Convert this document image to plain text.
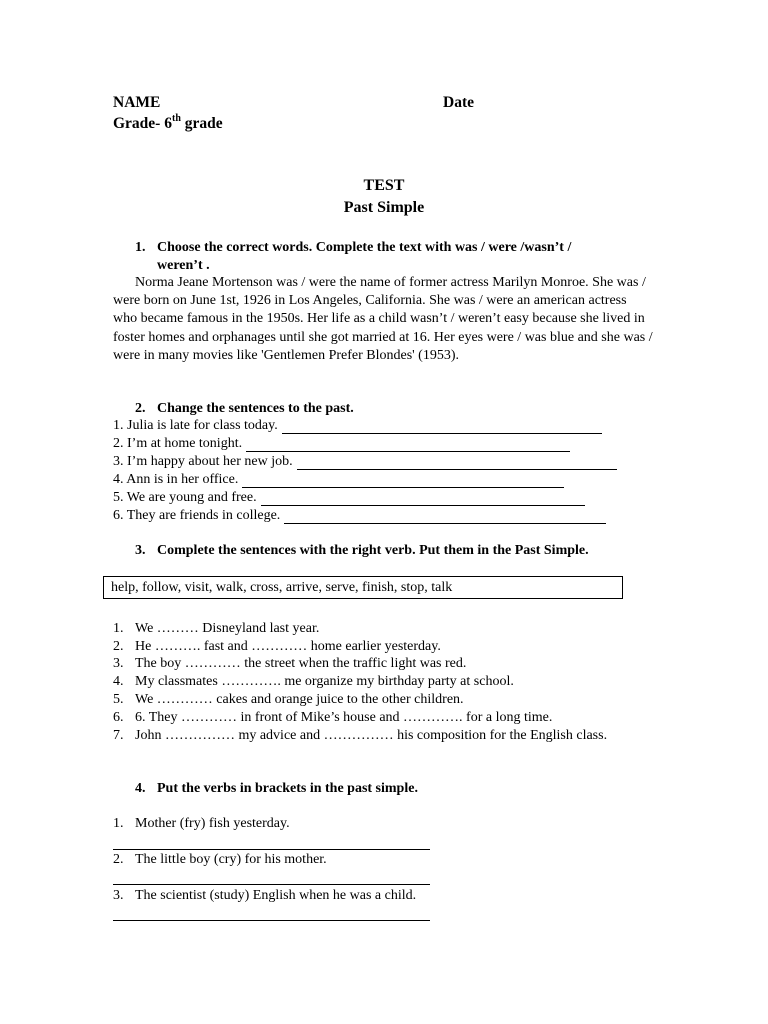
NAME	Date
Grade- 6th grade
TEST
Past Simple
1. Choose the correct words. Complete the text with was / were /wasn’t /
weren’t .
Norma Jeane Mortenson was / were the name of former actress Marilyn Monroe. She was / were born on June 1st, 1926 in Los Angeles, California. She was / were an american actress who became famous in the 1950s. Her life as a child wasn’t / weren’t easy because she lived in foster homes and orphanages until she got married at 16. Her eyes were / was blue and she was / were in many movies like 'Gentlemen Prefer Blondes' (1953).
2. Change the sentences to the past.
1. Julia is late for class today.
2. I’m at home tonight.
3. I’m happy about her new job.
4. Ann is in her office.
5. We are young and free.
6. They are friends in college.
3. Complete the sentences with the right verb. Put them in the Past Simple.
help, follow, visit, walk, cross, arrive, serve, finish, stop, talk
1. We ……… Disneyland last year.
2. He ………. fast and ………… home earlier yesterday.
3. The boy ………… the street when the traffic light was red.
4. My classmates …………. me organize my birthday party at school.
5. We ………… cakes and orange juice to the other children.
6. 6. They ………… in front of Mike’s house and …………. for a long time.
7. John …………… my advice and …………… his composition for the English class.
4. Put the verbs in brackets in the past simple.
1. Mother (fry) fish yesterday.
2. The little boy (cry) for his mother.
3. The scientist (study) English when he was a child.
